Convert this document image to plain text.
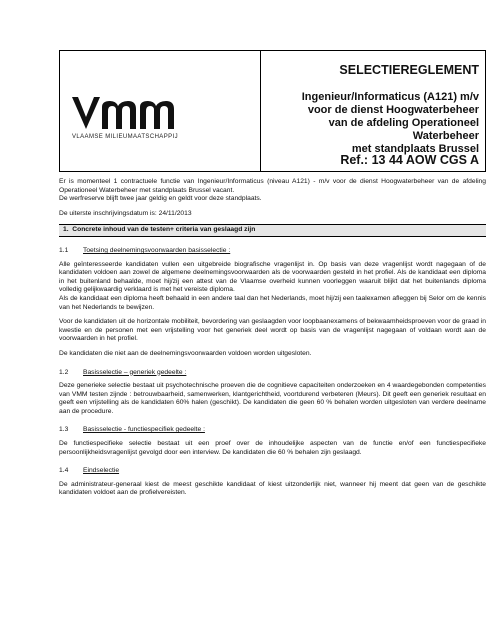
VLAAMSE MILIEUMAATSCHAPPIJ
SELECTIEREGLEMENT
Ingenieur/Informaticus (A121) m/v
voor de dienst Hoogwaterbeheer
van de afdeling Operationeel Waterbeheer
met standplaats Brussel
Ref.: 13 44 AOW CGS A

Er is momenteel 1 contractuele functie van Ingenieur/Informaticus (niveau A121) - m/v voor de dienst Hoogwaterbeheer van de afdeling Operationeel Waterbeheer met standplaats Brussel vacant.

De werfreserve blijft twee jaar geldig en geldt voor deze standplaats.

De uiterste inschrijvingsdatum is: 24/11/2013

1. Concrete inhoud van de testen+ criteria van geslaagd zijn
1.1 Toetsing deelnemingsvoorwaarden basisselectie :

Alle geïnteresseerde kandidaten vullen een uitgebreide biografische vragenlijst in. Op basis van deze vragenlijst wordt nagegaan of de kandidaten voldoen aan zowel de algemene deelnemingsvoorwaarden als de voorwaarden gesteld in het profiel. Als de kandidaat een diploma in het buitenland behaalde, moet hij/zij een attest van de Vlaamse overheid kunnen voorleggen waaruit blijkt dat het buitenlands diploma volledig gelijkwaardig verklaard is met het vereiste diploma.

Als de kandidaat een diploma heeft behaald in een andere taal dan het Nederlands, moet hij/zij een taalexamen afleggen bij Selor om de kennis van het Nederlands te bewijzen.

Voor de kandidaten uit de horizontale mobiliteit, bevordering van geslaagden voor loopbaanexamens of bekwaamheidsproeven voor de graad in kwestie en de personen met een vrijstelling voor het generiek deel wordt op basis van de vragenlijst nagegaan of voldaan wordt aan de voorwaarden in het profiel.

De kandidaten die niet aan de deelnemingsvoorwaarden voldoen worden uitgesloten.

1.2 Basisselectie – generiek gedeelte :

Deze generieke selectie bestaat uit psychotechnische proeven die de cognitieve capaciteiten onderzoeken en 4 waardegebonden competenties van VMM testen zijnde : betrouwbaarheid, samenwerken, klantgerichtheid, voortdurend verbeteren (Meurs). Dit geeft een generiek resultaat en geeft een vrijstelling als de kandidaten 60% halen (geschikt). De kandidaten die geen 60 % behalen worden uitgesloten van verdere deelname aan de procedure.

1.3 Basisselectie - functiespecifiek gedeelte :

De functiespecifieke selectie bestaat uit een proef over de inhoudelijke aspecten van de functie en/of een functiespecifieke persoonlijkheidsvragenlijst gevolgd door een interview. De kandidaten die 60 % behalen zijn geslaagd.

1.4 Eindselectie

De administrateur-generaal kiest de meest geschikte kandidaat of kiest uitzonderlijk niet, wanneer hij meent dat geen van de geschikte kandidaten voldoet aan de profielvereisten.
